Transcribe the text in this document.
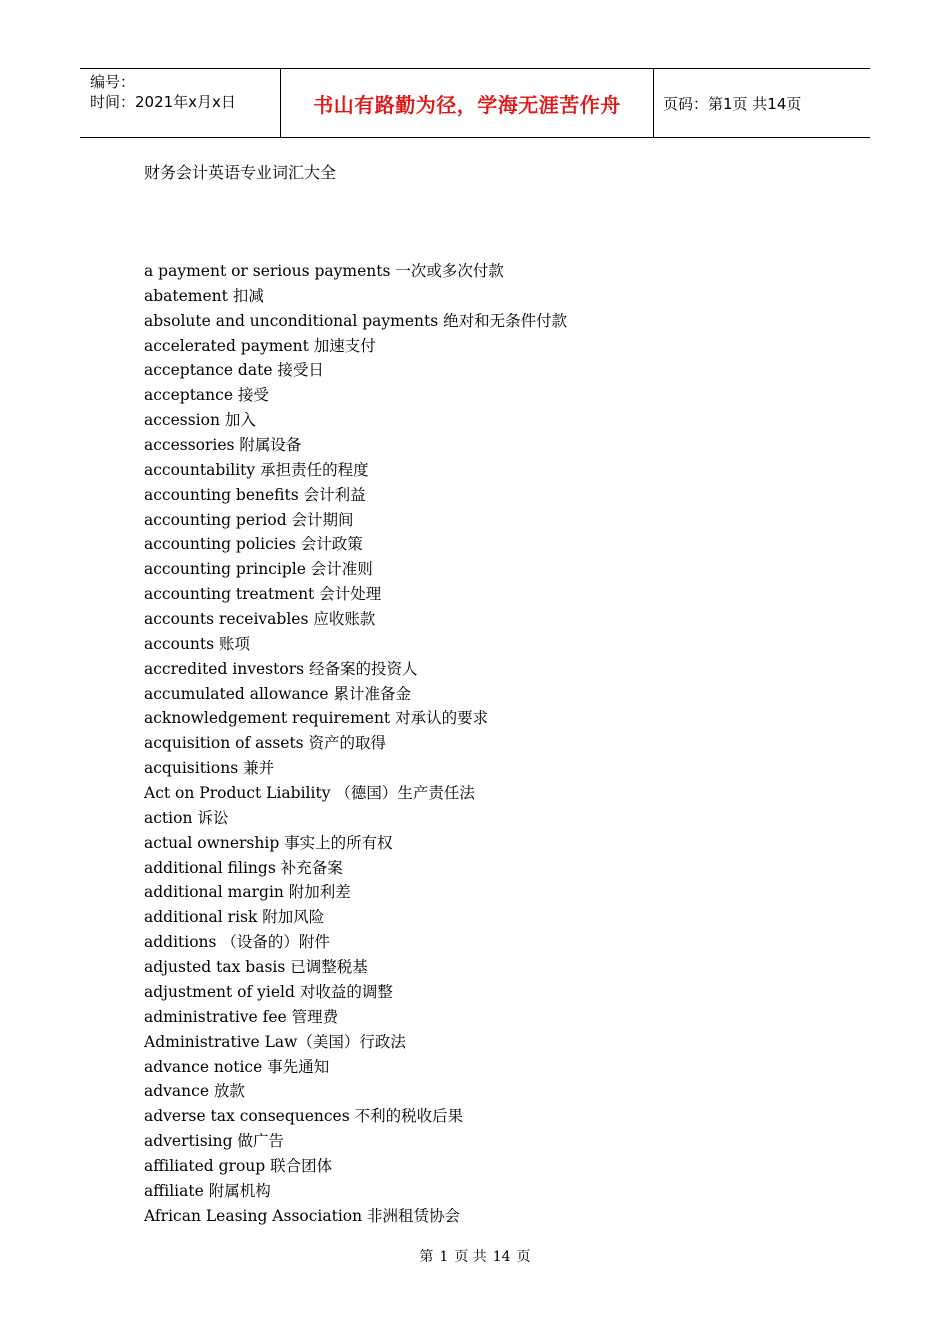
编号：
时间：2021年x月x日	书山有路勤为径，学海无涯苦作舟	页码：第1页 共14页
财务会计英语专业词汇大全
a payment or serious payments 一次或多次付款
abatement 扣减
absolute and unconditional payments 绝对和无条件付款
accelerated payment 加速支付
acceptance date 接受日
acceptance 接受
accession 加入
accessories 附属设备
accountability 承担责任的程度
accounting benefits 会计利益
accounting period 会计期间
accounting policies 会计政策
accounting principle 会计准则
accounting treatment 会计处理
accounts receivables 应收账款
accounts 账项
accredited investors 经备案的投资人
accumulated allowance 累计准备金
acknowledgement requirement 对承认的要求
acquisition of assets 资产的取得
acquisitions 兼并
Act on Product Liability （德国）生产责任法
action 诉讼
actual ownership 事实上的所有权
additional filings 补充备案
additional margin 附加利差
additional risk 附加风险
additions （设备的）附件
adjusted tax basis 已调整税基
adjustment of yield 对收益的调整
administrative fee 管理费
Administrative Law（美国）行政法
advance notice 事先通知
advance 放款
adverse tax consequences 不利的税收后果
advertising 做广告
affiliated group 联合团体
affiliate 附属机构
African Leasing Association 非洲租赁协会
第 1 页 共 14 页
